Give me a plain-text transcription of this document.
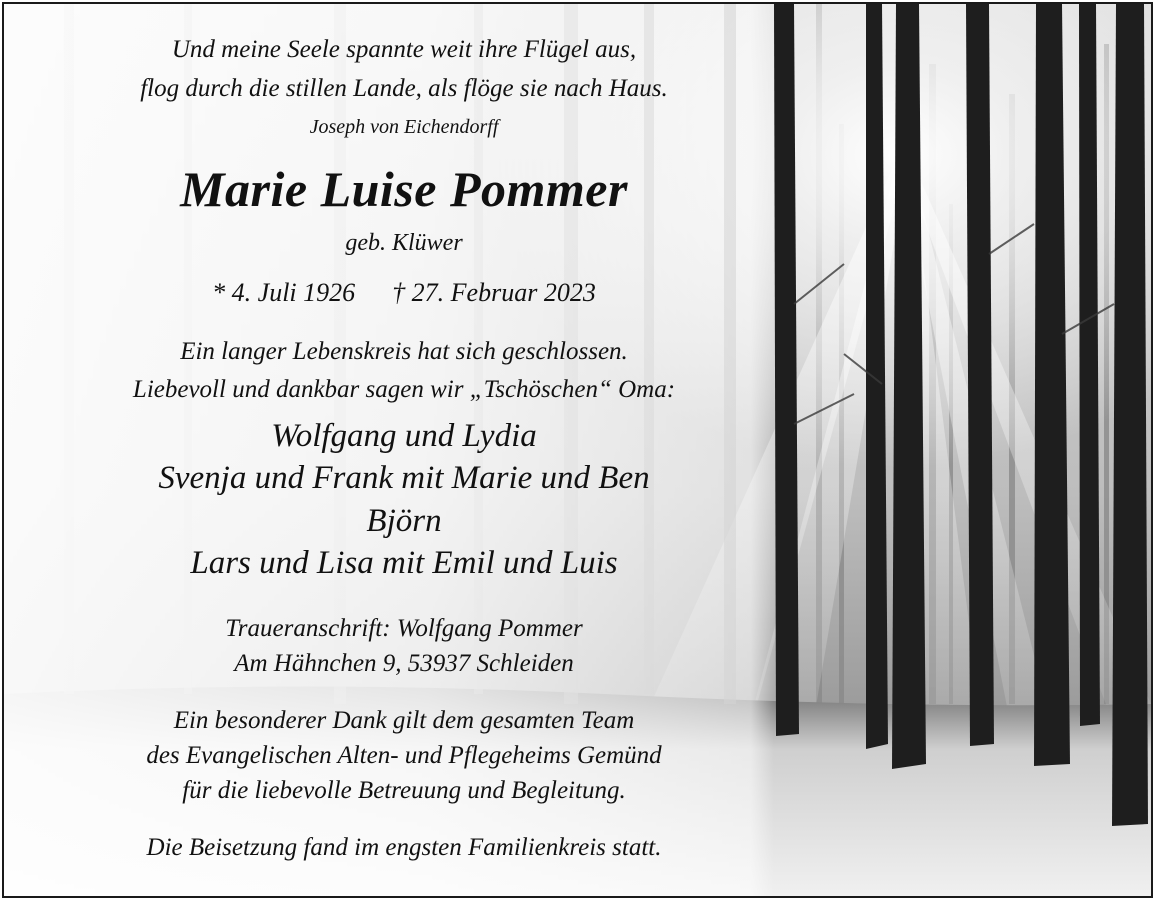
Und meine Seele spannte weit ihre Flügel aus,
flog durch die stillen Lande, als flöge sie nach Haus.
Joseph von Eichendorff
Marie Luise Pommer
geb. Klüwer
* 4. Juli 1926 † 27. Februar 2023
Ein langer Lebenskreis hat sich geschlossen.
Liebevoll und dankbar sagen wir „Tschöschen“ Oma:
Wolfgang und Lydia
Svenja und Frank mit Marie und Ben
Björn
Lars und Lisa mit Emil und Luis
Traueranschrift: Wolfgang Pommer
Am Hähnchen 9, 53937 Schleiden
Ein besonderer Dank gilt dem gesamten Team
des Evangelischen Alten- und Pflegeheims Gemünd
für die liebevolle Betreuung und Begleitung.
Die Beisetzung fand im engsten Familienkreis statt.
